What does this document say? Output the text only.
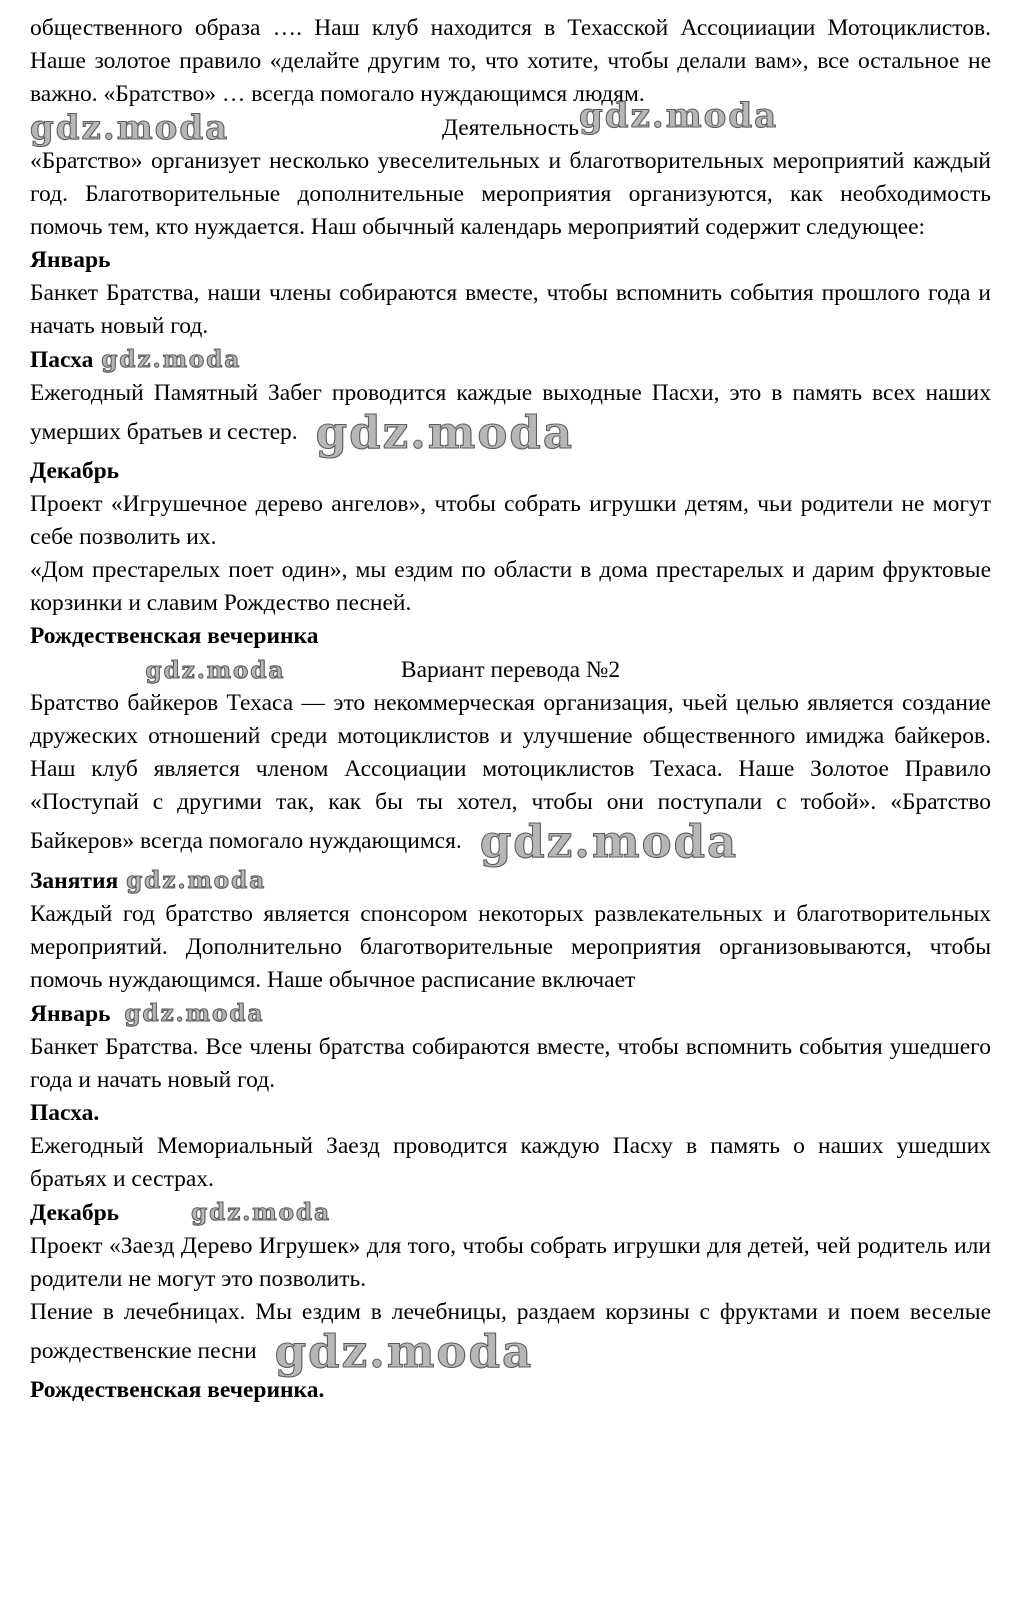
общественного образа …. Наш клуб находится в Техасской Ассоцииации Мотоциклистов. Наше золотое правило «делайте другим то, что хотите, чтобы делали вам», все остальное не важно. «Братство» … всегда помогало нуждающимся людям.

gdz.moda	Деятельность gdz.moda

«Братство» организует несколько увеселительных и благотворительных мероприятий каждый год. Благотворительные дополнительные мероприятия организуются, как необходимость помочь тем, кто нуждается. Наш обычный календарь мероприятий содержит следующее:

Январь

Банкет Братства, наши члены собираются вместе, чтобы вспомнить события прошлого года и начать новый год.

Пасха gdz.moda

Ежегодный Памятный Забег проводится каждые выходные Пасхи, это в память всех наших умерших братьев и сестер. gdz.moda

Декабрь

Проект «Игрушечное дерево ангелов», чтобы собрать игрушки детям, чьи родители не могут себе позволить их.

«Дом престарелых поет один», мы ездим по области в дома престарелых и дарим фруктовые корзинки и славим Рождество песней.

Рождественская вечеринка

gdz.moda	Вариант перевода №2

Братство байкеров Техаса — это некоммерческая организация, чьей целью является создание дружеских отношений среди мотоциклистов и улучшение общественного имиджа байкеров. Наш клуб является членом Ассоциации мотоциклистов Техаса. Наше Золотое Правило «Поступай с другими так, как бы ты хотел, чтобы они поступали с тобой». «Братство Байкеров» всегда помогало нуждающимся. gdz.moda

Занятия gdz.moda

Каждый год братство является спонсором некоторых развлекательных и благотворительных мероприятий. Дополнительно благотворительные мероприятия организовываются, чтобы помочь нуждающимся. Наше обычное расписание включает

Январь gdz.moda

Банкет Братства. Все члены братства собираются вместе, чтобы вспомнить события ушедшего года и начать новый год.

Пасха.

Ежегодный Мемориальный Заезд проводится каждую Пасху в память о наших ушедших братьях и сестрах.

Декабрь	gdz.moda

Проект «Заезд Дерево Игрушек» для того, чтобы собрать игрушки для детей, чей родитель или родители не могут это позволить.

Пение в лечебницах. Мы ездим в лечебницы, раздаем корзины с фруктами и поем веселые рождественские песни gdz.moda

Рождественская вечеринка.
